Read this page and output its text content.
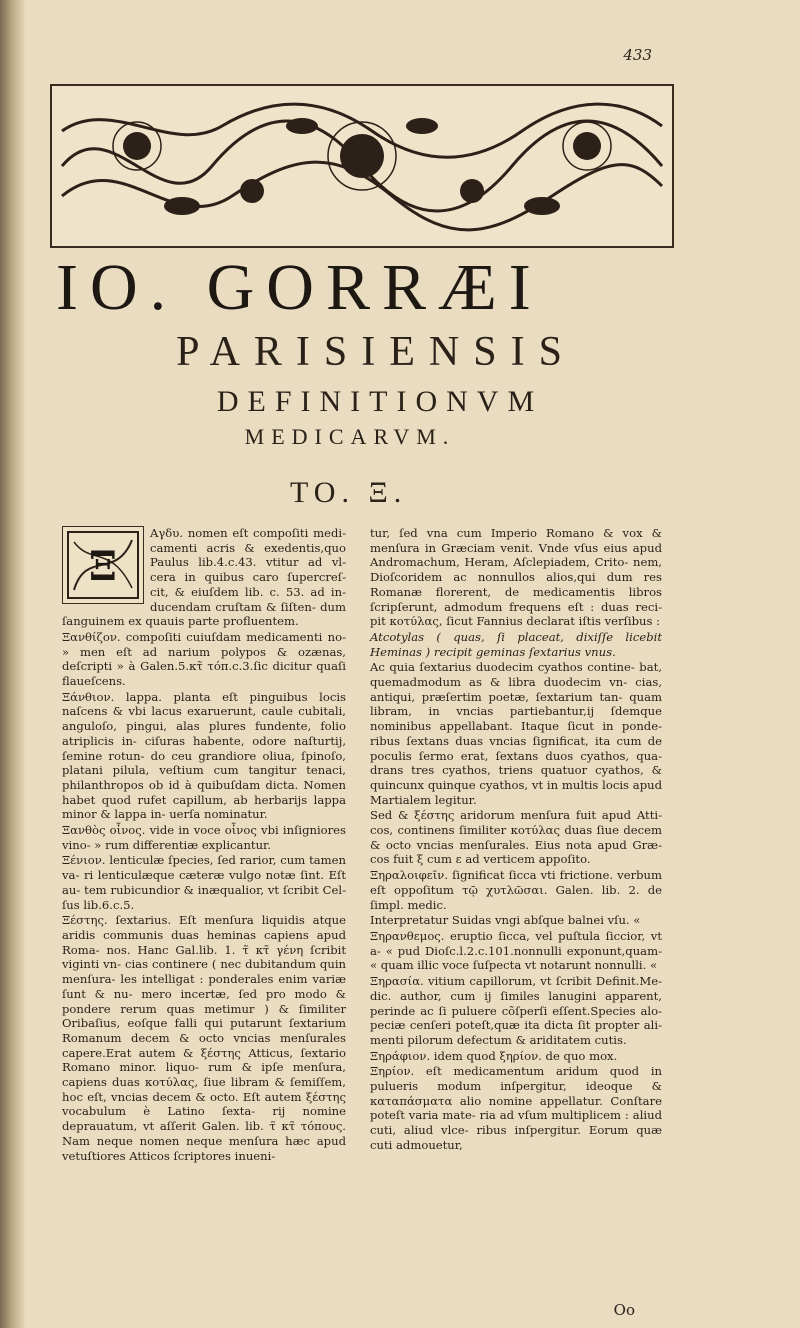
433
IO. GORRÆI
PARISIENSIS
DEFINITIONVM
MEDICARVM.
TO. Ξ.
Ξ

Αγδυ. nomen eſt compoſiti medi- camenti acris & exedentis,quo Paulus lib.4.c.43. vtitur ad vl- cera in quibus caro ſupercreſ- cit, & eiuſdem lib. c. 53. ad in- ducendam cruſtam & ſiſten- dum ſanguinem ex quauis parte profluentem.

Ξανθίζον. compoſiti cuiuſdam medicamenti no- » men eſt ad narium polypos & ozænas, deſcripti » à Galen.5.κτ̃ τόπ.c.3.ſic dicitur quaſi flaueſcens.

Ξάνθιον. lappa. planta eſt pinguibus locis naſcens & vbi lacus exaruerunt, caule cubitali, anguloſo, pingui, alas plures fundente, folio atriplicis in- ciſuras habente, odore naſturtij, ſemine rotun- do ceu grandiore oliua, ſpinoſo, platani pilula, veſtium cum tangitur tenaci, philanthropos ob id à quibuſdam dicta. Nomen habet quod rufet capillum, ab herbarijs lappa minor & lappa in- uerſa nominatur.

Ξανθὸς οἶνος. vide in voce οἶνος vbi inſigniores vino- » rum differentiæ explicantur.

Ξένιον. lenticulæ ſpecies, ſed rarior, cum tamen va- ri lenticulæque cæteræ vulgo notæ ſint. Eſt au- tem rubicundior & inæqualior, vt ſcribit Cel- ſus lib.6.c.5.

Ξέστης. ſextarius. Eſt menſura liquidis atque aridis communis duas heminas capiens apud Roma- nos. Hanc Gal.lib. 1. τ̃ κτ̃ γένη ſcribit viginti vn- cias continere ( nec dubitandum quin menſura- les intelligat : ponderales enim variæ ſunt & nu- mero incertæ, ſed pro modo & pondere rerum quas metimur ) & ſimiliter Oribaſius, eoſque falli qui putarunt ſextarium Romanum decem & octo vncias menſurales capere.Erat autem & ξέστης Atticus, ſextario Romano minor. liquo- rum & ipſe menſura, capiens duas κοτύλας, ſiue libram & ſemiſſem, hoc eſt, vncias decem & octo. Eſt autem ξέστης vocabulum è Latino ſexta- rij nomine deprauatum, vt aſſerit Galen. lib. τ̃ κτ̃ τόπους. Nam neque nomen neque menſura hæc apud vetuſtiores Atticos ſcriptores inueni-

tur, ſed vna cum Imperio Romano & vox & menſura in Græciam venit. Vnde vſus eius apud Andromachum, Heram, Aſclepiadem, Crito- nem, Dioſcoridem ac nonnullos alios,qui dum res Romanæ florerent, de medicamentis libros ſcripſerunt, admodum frequens eſt : duas reci- pit κοτύλας, ſicut Fannius declarat iſtis verſibus :

Atcotylas ( quas, ſi placeat, dixiſſe licebit Heminas ) recipit geminas ſextarius vnus.

Ac quia ſextarius duodecim cyathos contine- bat, quemadmodum as & libra duodecim vn- cias, antiqui, præſertim poetæ, ſextarium tan- quam libram, in vncias partiebantur,ij ſdemque nominibus appellabant. Itaque ſicut in ponde- ribus ſextans duas vncias ſignificat, ita cum de poculis ſermo erat, ſextans duos cyathos, qua- drans tres cyathos, triens quatuor cyathos, & quincunx quinque cyathos, vt in multis locis apud Martialem legitur.

Sed & ξέστης aridorum menſura fuit apud Atti- cos, continens ſimiliter κοτύλας duas ſiue decem & octo vncias menſurales. Eius nota apud Græ- cos fuit ξ cum ε ad verticem appoſito.

Ξηραλοιφεῖν. ſignificat ſicca vti frictione. verbum eſt oppoſitum τῷ χυτλῶσαι. Galen. lib. 2. de ſimpl. medic.

Interpretatur Suidas vngi abſque balnei vſu. «

Ξηρανθεμος. eruptio ſicca, vel puſtula ſiccior, vt a- « pud Dioſc.l.2.c.101.nonnulli exponunt,quam- « quam illic voce ſuſpecta vt notarunt nonnulli. «

Ξηρασία. vitium capillorum, vt ſcribit Definit.Me- dic. author, cum ij ſimiles lanugini apparent, perinde ac ſi puluere cõſperſi eſſent.Species alo- peciæ cenſeri poteſt,quæ ita dicta ſit propter ali- menti pilorum defectum & ariditatem cutis.

Ξηράφιον. idem quod ξηρίον. de quo mox.

Ξηρίον. eſt medicamentum aridum quod in pulueris modum inſpergitur, ideoque & καταπάσματα alio nomine appellatur. Conſtare poteſt varia mate- ria ad vſum multiplicem : aliud cuti, aliud vlce- ribus inſpergitur. Eorum quæ cuti admouetur,

Oo
